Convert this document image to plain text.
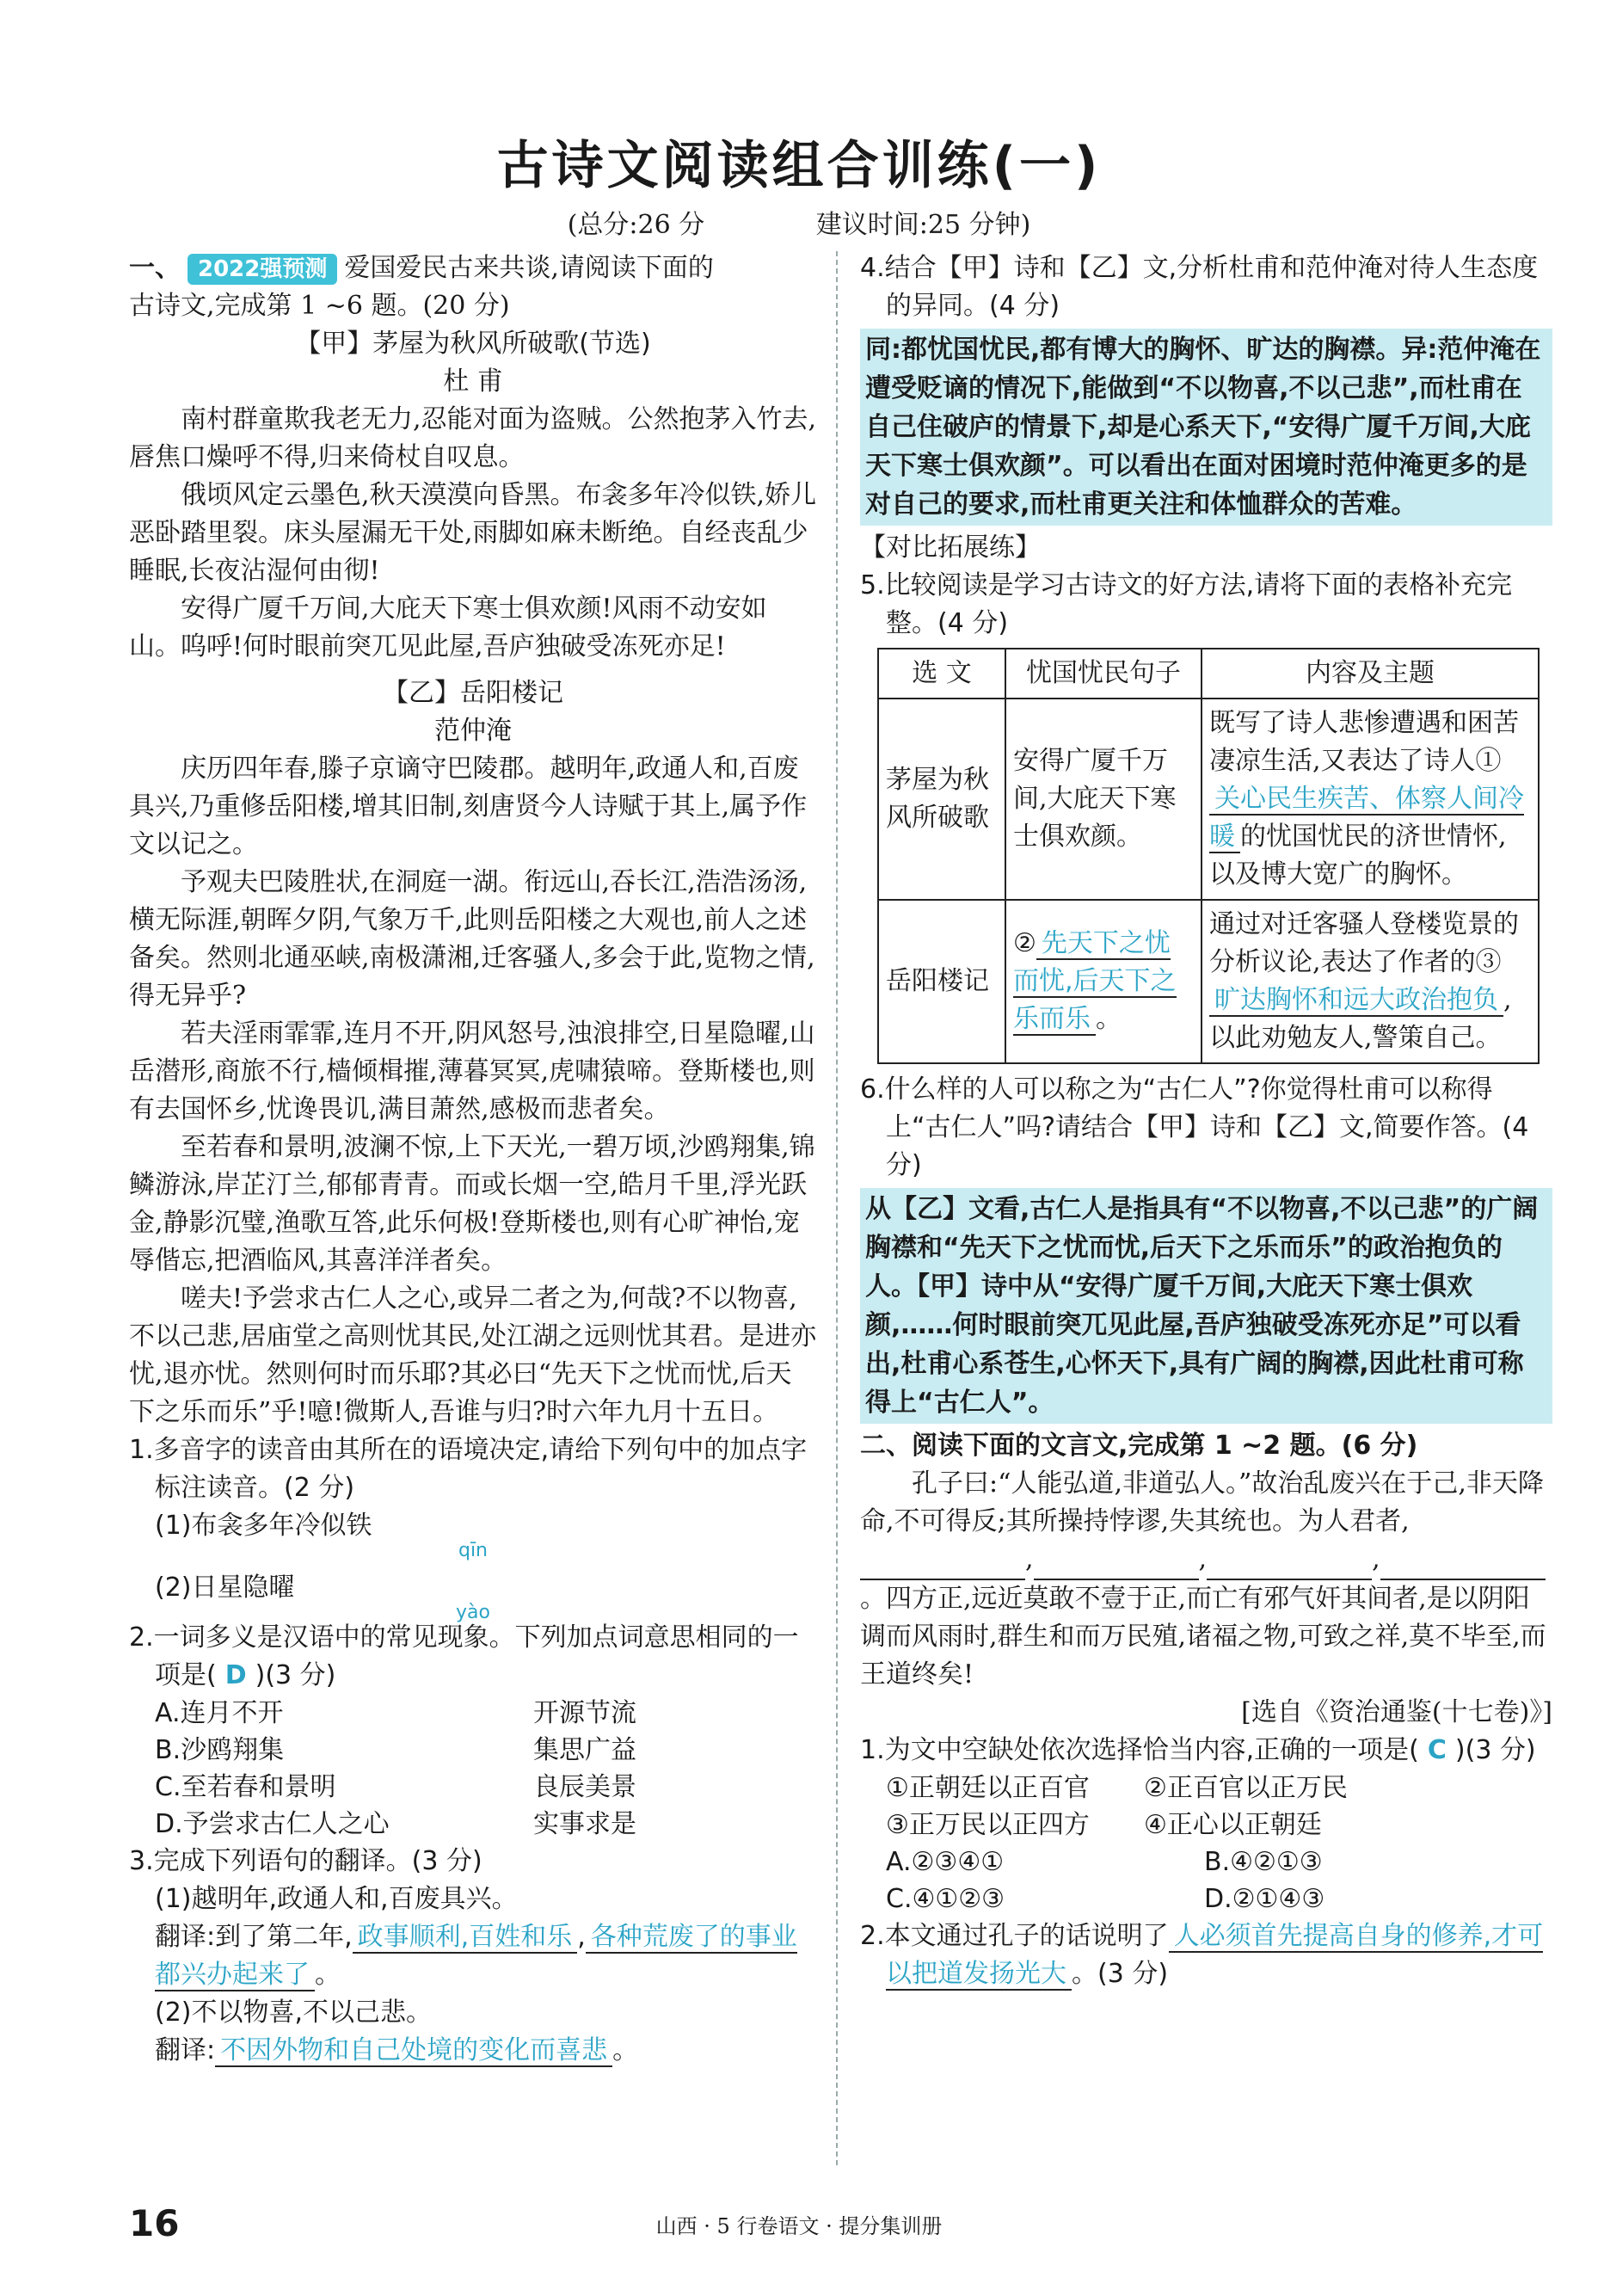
古诗文阅读组合训练(一)
(总分:26 分	建议时间:25 分钟)

一、 2022强预测 爱国爱民古来共谈,请阅读下面的

古诗文,完成第 1 ~6 题。(20 分)

【甲】茅屋为秋风所破歌(节选)

杜 甫

南村群童欺我老无力,忍能对面为盗贼。公然抱茅入竹去,唇焦口燥呼不得,归来倚杖自叹息。

俄顷风定云墨色,秋天漠漠向昏黑。布衾多年冷似铁,娇儿恶卧踏里裂。床头屋漏无干处,雨脚如麻未断绝。自经丧乱少睡眠,长夜沾湿何由彻!

安得广厦千万间,大庇天下寒士俱欢颜!风雨不动安如山。呜呼!何时眼前突兀见此屋,吾庐独破受冻死亦足!

【乙】岳阳楼记

范仲淹

庆历四年春,滕子京谪守巴陵郡。越明年,政通人和,百废具兴,乃重修岳阳楼,增其旧制,刻唐贤今人诗赋于其上,属予作文以记之。

予观夫巴陵胜状,在洞庭一湖。衔远山,吞长江,浩浩汤汤,横无际涯,朝晖夕阴,气象万千,此则岳阳楼之大观也,前人之述备矣。然则北通巫峡,南极潇湘,迁客骚人,多会于此,览物之情,得无异乎?

若夫淫雨霏霏,连月不开,阴风怒号,浊浪排空,日星隐曜,山岳潜形,商旅不行,樯倾楫摧,薄暮冥冥,虎啸猿啼。登斯楼也,则有去国怀乡,忧谗畏讥,满目萧然,感极而悲者矣。

至若春和景明,波澜不惊,上下天光,一碧万顷,沙鸥翔集,锦鳞游泳,岸芷汀兰,郁郁青青。而或长烟一空,皓月千里,浮光跃金,静影沉璧,渔歌互答,此乐何极!登斯楼也,则有心旷神怡,宠辱偕忘,把酒临风,其喜洋洋者矣。

嗟夫!予尝求古仁人之心,或异二者之为,何哉?不以物喜,不以己悲,居庙堂之高则忧其民,处江湖之远则忧其君。是进亦忧,退亦忧。然则何时而乐耶?其必曰“先天下之忧而忧,后天下之乐而乐”乎!噫!微斯人,吾谁与归?时六年九月十五日。

1.多音字的读音由其所在的语境决定,请给下列句中的加点字标注读音。(2 分)

(1)布衾多年冷似铁

qīn

(2)日星隐曜

yào

2.一词多义是汉语中的常见现象。下列加点词意思相同的一项是( D )(3 分)

A.连月不开	开源节流
B.沙鸥翔集	集思广益
C.至若春和景明	良辰美景
D.予尝求古仁人之心	实事求是

3.完成下列语句的翻译。(3 分)

(1)越明年,政通人和,百废具兴。

翻译:到了第二年, 政事顺利,百姓和乐 , 各种荒废了的事业都兴办起来了 。

(2)不以物喜,不以己悲。

翻译: 不因外物和自己处境的变化而喜悲 。

4.结合【甲】诗和【乙】文,分析杜甫和范仲淹对待人生态度的异同。(4 分)

同:都忧国忧民,都有博大的胸怀、旷达的胸襟。异:范仲淹在遭受贬谪的情况下,能做到“不以物喜,不以己悲”,而杜甫在自己住破庐的情景下,却是心系天下,“安得广厦千万间,大庇天下寒士俱欢颜”。可以看出在面对困境时范仲淹更多的是对自己的要求,而杜甫更关注和体恤群众的苦难。

【对比拓展练】

5.比较阅读是学习古诗文的好方法,请将下面的表格补充完整。(4 分)

选 文	忧国忧民句子	内容及主题
茅屋为秋风所破歌	安得广厦千万间,大庇天下寒士俱欢颜。	既写了诗人悲惨遭遇和困苦凄凉生活,又表达了诗人①关心民生疾苦、体察人间冷暖 的忧国忧民的济世情怀,以及博大宽广的胸怀。
岳阳楼记	② 先天下之忧而忧,后天下之乐而乐 。	通过对迁客骚人登楼览景的分析议论,表达了作者的③旷达胸怀和远大政治抱负 ,以此劝勉友人,警策自己。

6.什么样的人可以称之为“古仁人”?你觉得杜甫可以称得上“古仁人”吗?请结合【甲】诗和【乙】文,简要作答。(4 分)

从【乙】文看,古仁人是指具有“不以物喜,不以己悲”的广阔胸襟和“先天下之忧而忧,后天下之乐而乐”的政治抱负的人。【甲】诗中从“安得广厦千万间,大庇天下寒士俱欢颜,……何时眼前突兀见此屋,吾庐独破受冻死亦足”可以看出,杜甫心系苍生,心怀天下,具有广阔的胸襟,因此杜甫可称得上“古仁人”。

二、阅读下面的文言文,完成第 1 ~2 题。(6 分)

孔子曰:“人能弘道,非道弘人。”故治乱废兴在于己,非天降命,不可得反;其所操持悖谬,失其统也。为人君者,  ,	,	, 。四方正,远近莫敢不壹于正,而亡有邪气奸其间者,是以阴阳调而风雨时,群生和而万民殖,诸福之物,可致之祥,莫不毕至,而王道终矣!

[选自《资治通鉴(十七卷)》]

1.为文中空缺处依次选择恰当内容,正确的一项是( C )(3 分)

①正朝廷以正百官	②正百官以正万民
③正万民以正四方	④正心以正朝廷
A.②③④①	B.④②①③
C.④①②③	D.②①④③

2.本文通过孔子的话说明了 人必须首先提高自身的修养,才可以把道发扬光大 。(3 分)

16	山西 · 5 行卷语文 · 提分集训册
